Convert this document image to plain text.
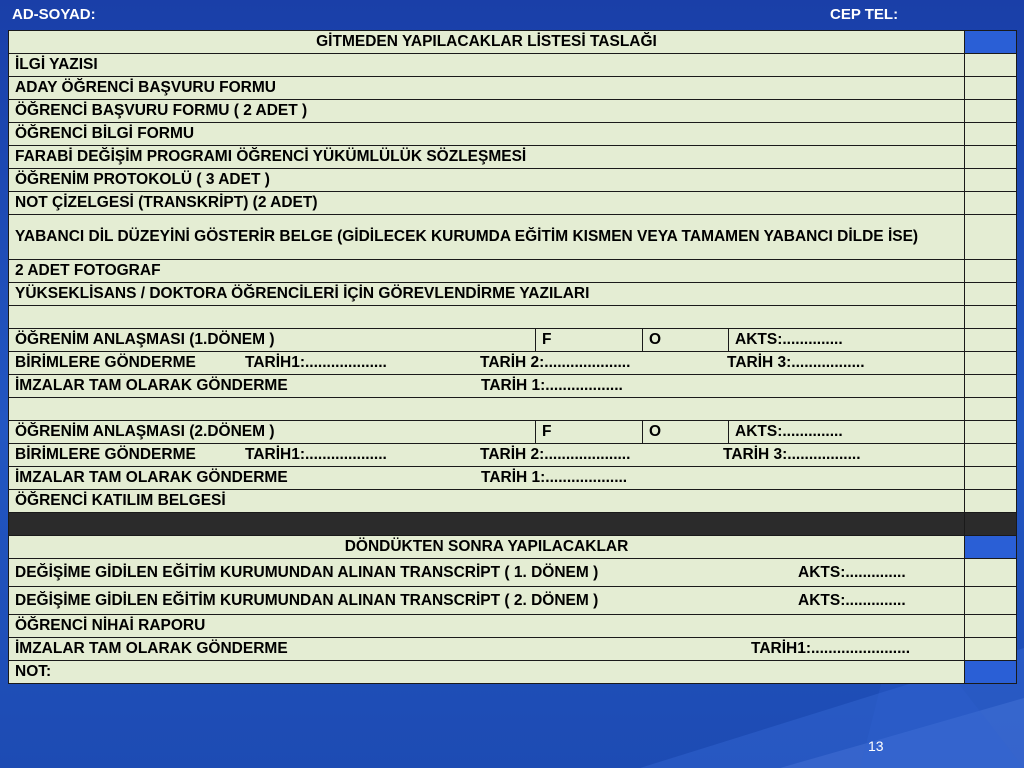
AD-SOYAD:	CEP TEL:
GİTMEDEN YAPILACAKLAR LİSTESİ TASLAĞI				
İLGİ YAZISI				
ADAY ÖĞRENCİ BAŞVURU FORMU				
ÖĞRENCİ BAŞVURU FORMU ( 2 ADET )				
ÖĞRENCİ BİLGİ FORMU				
FARABİ DEĞİŞİM PROGRAMI ÖĞRENCİ YÜKÜMLÜLÜK SÖZLEŞMESİ				
ÖĞRENİM PROTOKOLÜ ( 3 ADET )				
NOT ÇİZELGESİ (TRANSKRİPT) (2 ADET)				
YABANCI DİL DÜZEYİNİ GÖSTERİR BELGE (GİDİLECEK KURUMDA EĞİTİM KISMEN VEYA TAMAMEN YABANCI DİLDE İSE)				
2 ADET FOTOGRAF				
YÜKSEKLİSANS / DOKTORA ÖĞRENCİLERİ İÇİN GÖREVLENDİRME YAZILARI				

ÖĞRENİM ANLAŞMASI (1.DÖNEM )	F	O	AKTS:..............	
BİRİMLERE GÖNDERME TARİH1:................... TARİH 2:.................... TARİH 3:.................				
İMZALAR TAM OLARAK GÖNDERME TARİH 1:..................				

ÖĞRENİM ANLAŞMASI (2.DÖNEM )	F	O	AKTS:..............	
BİRİMLERE GÖNDERME TARİH1:................... TARİH 2:.................... TARİH 3:.................				
İMZALAR TAM OLARAK GÖNDERME TARİH 1:...................				
ÖĞRENCİ KATILIM BELGESİ				

DÖNDÜKTEN SONRA YAPILACAKLAR				
DEĞİŞİME GİDİLEN EĞİTİM KURUMUNDAN ALINAN TRANSCRİPT ( 1. DÖNEM ) AKTS:..............				
DEĞİŞİME GİDİLEN EĞİTİM KURUMUNDAN ALINAN TRANSCRİPT ( 2. DÖNEM ) AKTS:..............				
ÖĞRENCİ NİHAİ RAPORU				
İMZALAR TAM OLARAK GÖNDERME TARİH1:.......................				
NOT:				
13
